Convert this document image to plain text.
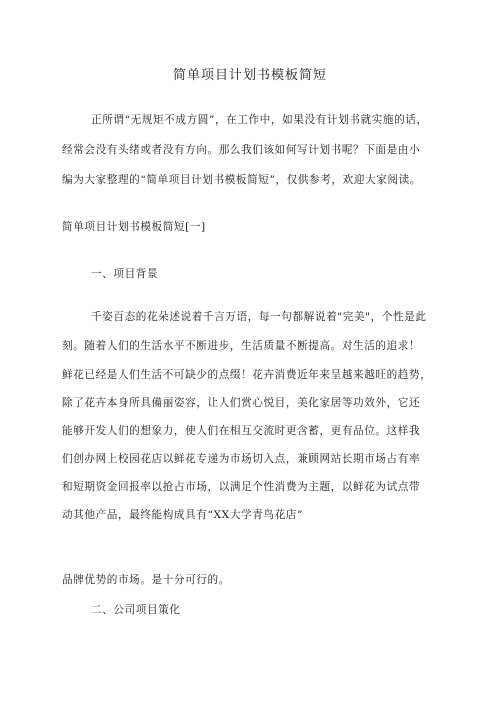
简单项目计划书模板简短
正所谓“无规矩不成方圆”，在工作中，如果没有计划书就实施的话，
经常会没有头绪或者没有方向。那么我们该如何写计划书呢？下面是由小
编为大家整理的“简单项目计划书模板简短”，仅供参考，欢迎大家阅读。
简单项目计划书模板简短[一]
一、项目背景
千姿百态的花朵述说着千言万语，每一句都解说着"完美"，个性是此
刻。随着人们的生活水平不断进步，生活质量不断提高。对生活的追求！
鲜花已经是人们生活不可缺少的点缀！花卉消费近年来呈越来越旺的趋势，
除了花卉本身所具備丽姿容，让人们赏心悦目，美化家居等功效外，它还
能够开发人们的想象力，使人们在相互交流时更含蓄，更有品位。这样我
们创办网上校园花店以鲜花专递为市场切入点，兼顾网站长期市场占有率
和短期资金回报率以抢占市场，以满足个性消费为主题，以鲜花为试点带
动其他产品，最终能构成具有“XX大学青鸟花店”
品牌优势的市场。是十分可行的。
二、公司项目策化
